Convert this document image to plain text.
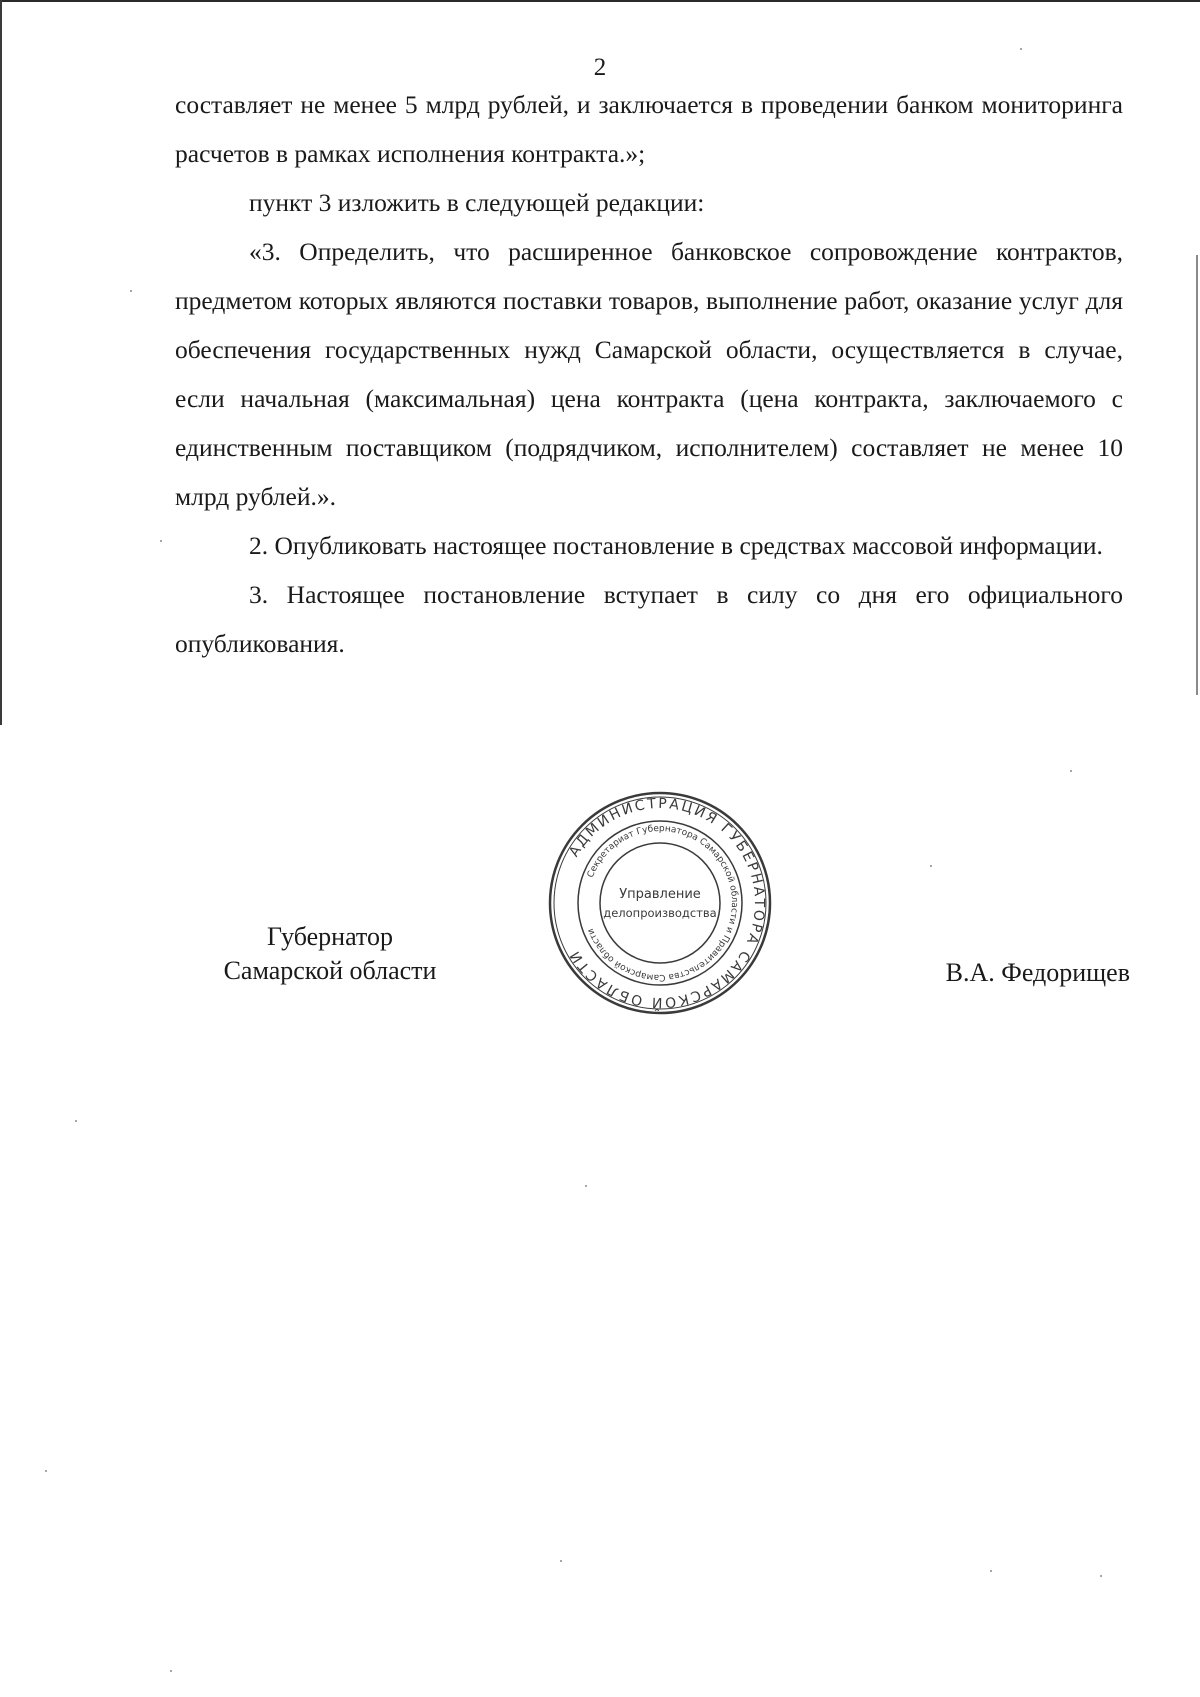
2

составляет не менее 5 млрд рублей, и заключается в проведении банком мониторинга расчетов в рамках исполнения контракта.»;

пункт 3 изложить в следующей редакции:

«3. Определить, что расширенное банковское сопровождение контрактов, предметом которых являются поставки товаров, выполнение работ, оказание услуг для обеспечения государственных нужд Самарской области, осуществляется в случае, если начальная (максимальная) цена контракта (цена контракта, заключаемого с единственным поставщиком (подрядчиком, исполнителем) составляет не менее 10 млрд рублей.».

2. Опубликовать настоящее постановление в средствах массовой информации.

3. Настоящее постановление вступает в силу со дня его официального опубликования.

Губернатор
Самарской области
АДМИНИСТРАЦИЯ ГУБЕРНАТОРА САМАРСКОЙ ОБЛАСТИ
Секретариат Губернатора Самарской области и Правительства Самарской области
Управление
делопроизводства
В.А. Федорищев
